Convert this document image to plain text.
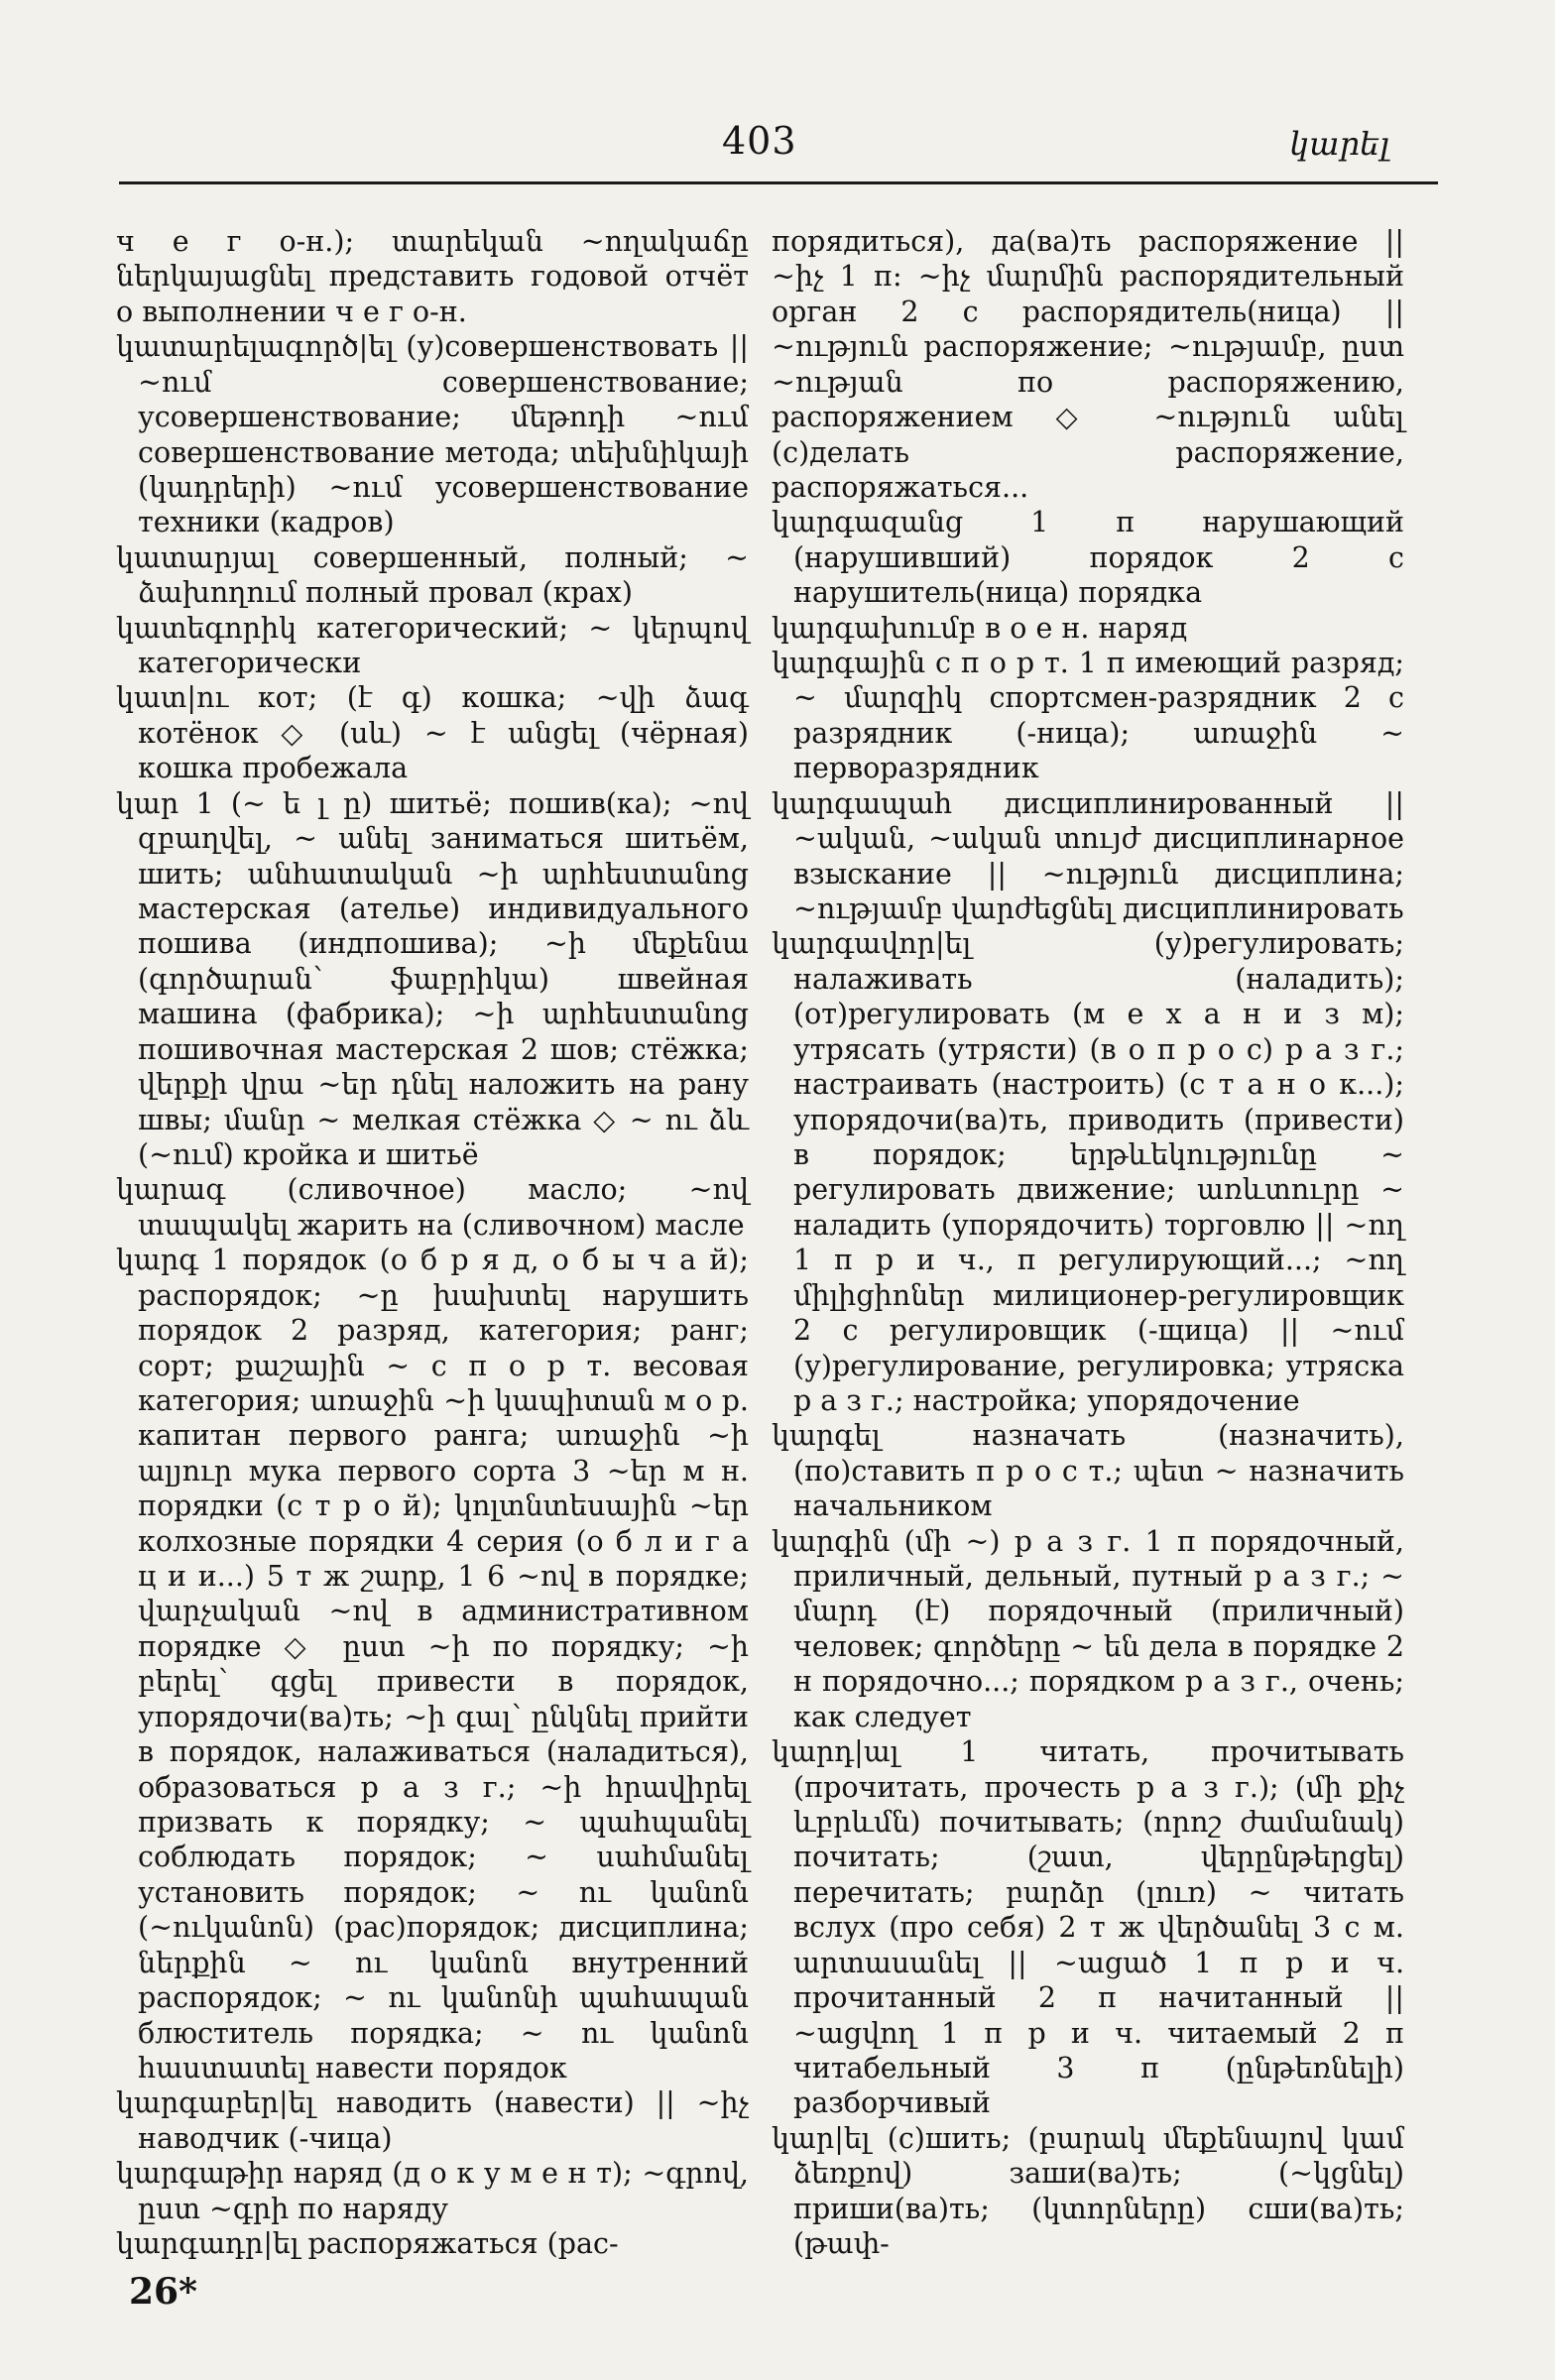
403	կարել

ч е г о-н.); տարեկան ~ողակաճը ներկայացնել представить годовой отчёт о выполнении ч е г о-н.

կատարելագործ|ել (у)совершенствовать || ~ում совершенствование; усовершенствование; մեթոդի ~ում совершенствование метода; տեխնիկայի (կադրերի) ~ում усовершенствование техники (кадров)

կատարյալ совершенный, полный; ~ ձախողում полный провал (крах)

կատեգորիկ категорический; ~ կերպով категорически

կատ|ու кот; (է գ) кошка; ~վի ձագ котёнок ◇ (սև) ~ է անցել (чёрная) кошка пробежала

կար 1 (~ ե լ ը) шитьё; пошив(ка); ~ով զբաղվել, ~ անել заниматься шитьём, шить; անհատական ~ի արհեստանոց мастерская (ателье) индивидуального пошива (индпошива); ~ի մեքենա (գործարան՝ ֆաբրիկա) швейная машина (фабрика); ~ի արհեստանոց пошивочная мастерская 2 шов; стёжка; վերքի վրա ~եր դնել наложить на рану швы; մանր ~ мелкая стёжка ◇ ~ ու ձև (~ում) кройка и шитьё

կարագ (сливочное) масло; ~ով տապակել жарить на (сливочном) масле

կարգ 1 порядок (о б р я д, о б ы ч а й); распорядок; ~ը խախտել нарушить порядок 2 разряд, категория; ранг; сорт; քաշային ~ с п о р т. весовая категория; առաջին ~ի կապիտան м о р. капитан первого ранга; առաջին ~ի ալյուր мука первого сорта 3 ~եր м н. порядки (с т р о й); կոլտնտեսային ~եր колхозные порядки 4 серия (о б л и г а ц и и...) 5 т ж շարք, 1 6 ~ով в порядке; վարչական ~ով в административном порядке ◇ ըստ ~ի по порядку; ~ի բերել՝ գցել привести в порядок, упорядочи(ва)ть; ~ի գալ՝ ընկնել прийти в порядок, налаживаться (наладиться), образоваться р а з г.; ~ի հրավիրել призвать к порядку; ~ պահպանել соблюдать порядок; ~ սահմանել установить порядок; ~ ու կանոն (~ուկանոն) (рас)порядок; дисциплина; ներքին ~ ու կանոն внутренний распорядок; ~ ու կանոնի պահապան блюститель порядка; ~ ու կանոն հաստատել навести порядок

կարգաբեր|ել наводить (навести) || ~իչ наводчик (-чица)

կարգաթիր наряд (д о к у м е н т); ~գրով, ըստ ~գրի по наряду

կարգադր|ել распоряжаться (рас-

порядиться), да(ва)ть распоряжение || ~իչ 1 п: ~իչ մարմին распорядительный орган 2 с распорядитель(ница) || ~ություն распоряжение; ~ությամբ, ըստ ~ության по распоряжению, распоряжением ◇ ~ություն անել (с)делать распоряжение, распоряжаться...

կարգազանց 1 п нарушающий (нарушивший) порядок 2 с нарушитель(ница) порядка

կարգախումբ в о е н. наряд

կարգային с п о р т. 1 п имеющий разряд; ~ մարզիկ спортсмен-разрядник 2 с разрядник (-ница); առաջին ~ перворазрядник

կարգապահ дисциплинированный || ~ական, ~ական տույժ дисциплинарное взыскание || ~ություն дисциплина; ~ությամբ վարժեցնել дисциплинировать

կարգավոր|ել (у)регулировать; налаживать (наладить); (от)регулировать (м е х а н и з м); утрясать (утрясти) (в о п р о с) р а з г.; настраивать (настроить) (с т а н о к...); упорядочи(ва)ть, приводить (привести) в порядок; երթևեկությունը ~ регулировать движение; առևտուրը ~ наладить (упорядочить) торговлю || ~ող 1 п р и ч., п регулирующий...; ~ող միլիցիոներ милиционер-регулировщик 2 с регулировщик (-щица) || ~ում (у)регулирование, регулировка; утряска р а з г.; настройка; упорядочение

կարգել назначать (назначить), (по)ставить п р о с т.; պետ ~ назначить начальником

կարգին (մի ~) р а з г. 1 п порядочный, приличный, дельный, путный р а з г.; ~ մարդ (է) порядочный (приличный) человек; գործերը ~ են дела в порядке 2 н порядочно...; порядком р а з г., очень; как следует

կարդ|ալ 1 читать, прочитывать (прочитать, прочесть р а з г.); (մի քիչ ևբրևմն) почитывать; (որոշ ժամանակ) почитать; (շատ, վերընթերցել) перечитать; բարձր (լուռ) ~ читать вслух (про себя) 2 т ж վերծանել 3 с м. արտասանել || ~ացած 1 п р и ч. прочитанный 2 п начитанный || ~ացվող 1 п р и ч. читаемый 2 п читабельный 3 п (ընթեռնելի) разборчивый

կար|ել (с)шить; (բարակ մեքենայով կամ ձեռքով) заши(ва)ть; (~կցնել) приши(ва)ть; (կտորները) сши(ва)ть; (թափ-

26*
